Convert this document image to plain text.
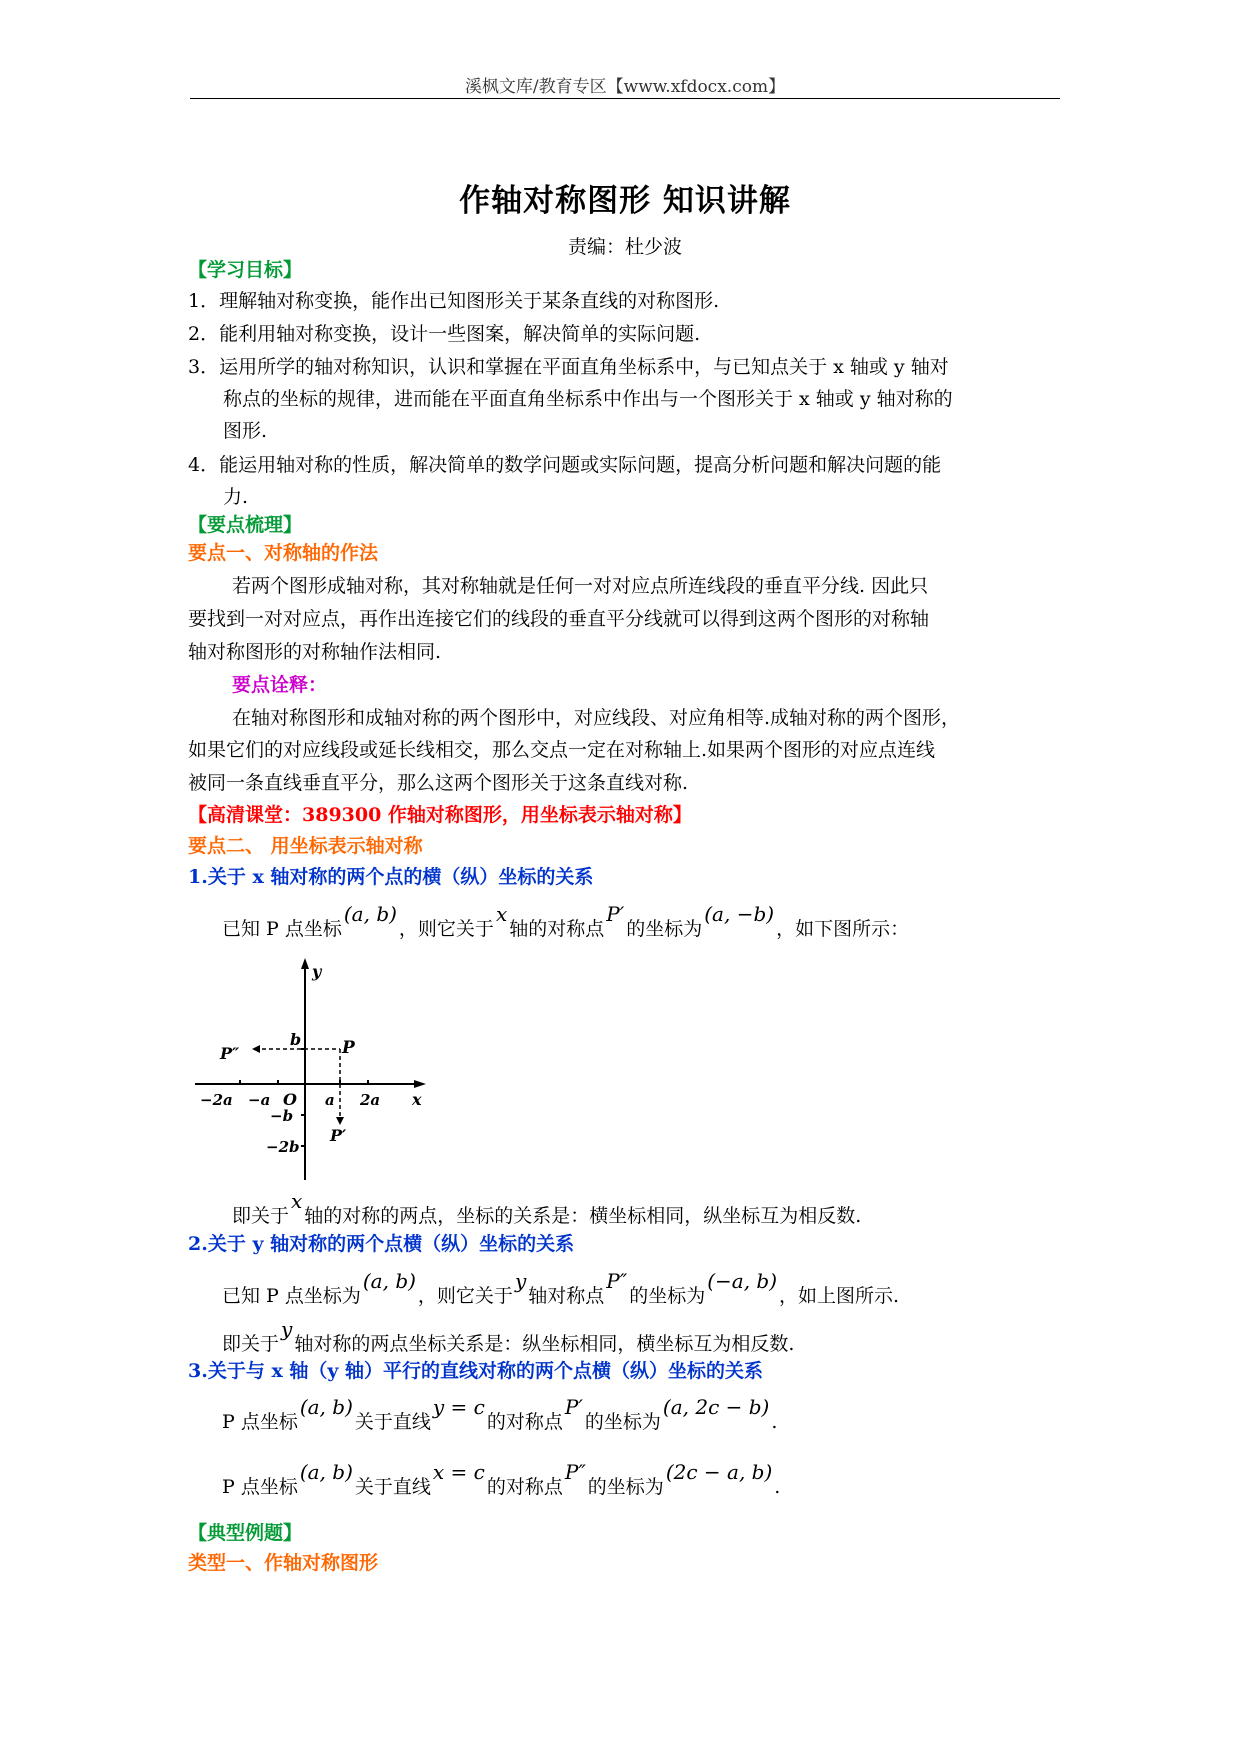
溪枫文库/教育专区【www.xfdocx.com】
作轴对称图形 知识讲解
责编：杜少波
【学习目标】
1．理解轴对称变换，能作出已知图形关于某条直线的对称图形.
2．能利用轴对称变换，设计一些图案，解决简单的实际问题.
3．运用所学的轴对称知识，认识和掌握在平面直角坐标系中，与已知点关于 x 轴或 y 轴对
称点的坐标的规律，进而能在平面直角坐标系中作出与一个图形关于 x 轴或 y 轴对称的
图形.
4．能运用轴对称的性质，解决简单的数学问题或实际问题，提高分析问题和解决问题的能
力.
【要点梳理】
要点一、对称轴的作法
若两个图形成轴对称，其对称轴就是任何一对对应点所连线段的垂直平分线. 因此只
要找到一对对应点，再作出连接它们的线段的垂直平分线就可以得到这两个图形的对称轴
轴对称图形的对称轴作法相同.
要点诠释：
在轴对称图形和成轴对称的两个图形中，对应线段、对应角相等.成轴对称的两个图形，
如果它们的对应线段或延长线相交，那么交点一定在对称轴上.如果两个图形的对应点连线
被同一条直线垂直平分，那么这两个图形关于这条直线对称.
【高清课堂：389300 作轴对称图形，用坐标表示轴对称】
要点二、 用坐标表示轴对称
1.关于 x 轴对称的两个点的横（纵）坐标的关系
已知 P 点坐标(a, b)，则它关于x轴的对称点P′的坐标为(a, −b)，如下图所示：
y
x
b
P″	P
−2a −a O a 2a
−b
P′
−2b
即关于x轴的对称的两点，坐标的关系是：横坐标相同，纵坐标互为相反数.
2.关于 y 轴对称的两个点横（纵）坐标的关系
已知 P 点坐标为(a, b)，则它关于y轴对称点P″的坐标为(−a, b)，如上图所示.
即关于y轴对称的两点坐标关系是：纵坐标相同，横坐标互为相反数.
3.关于与 x 轴（y 轴）平行的直线对称的两个点横（纵）坐标的关系
P 点坐标(a, b)关于直线y = c的对称点P′的坐标为(a, 2c − b).
P 点坐标(a, b)关于直线x = c的对称点P″的坐标为(2c − a, b).
【典型例题】
类型一、作轴对称图形
